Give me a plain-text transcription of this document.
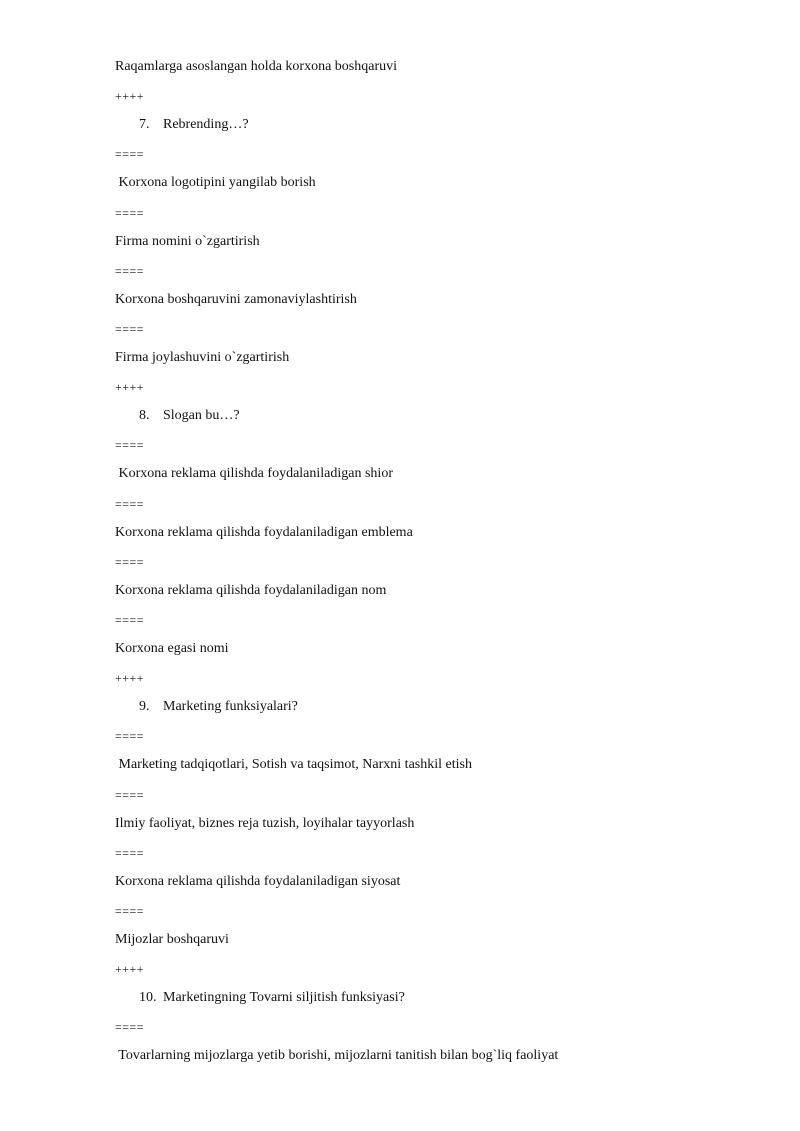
Raqamlarga asoslangan holda korxona boshqaruvi
++++
7. Rebrending…?
====
Korxona logotipini yangilab borish
====
Firma nomini o`zgartirish
====
Korxona boshqaruvini zamonaviylashtirish
====
Firma joylashuvini o`zgartirish
++++
8. Slogan bu…?
====
Korxona reklama qilishda foydalaniladigan shior
====
Korxona reklama qilishda foydalaniladigan emblema
====
Korxona reklama qilishda foydalaniladigan nom
====
Korxona egasi nomi
++++
9. Marketing funksiyalari?
====
Marketing tadqiqotlari, Sotish va taqsimot, Narxni tashkil etish
====
Ilmiy faoliyat, biznes reja tuzish, loyihalar tayyorlash
====
Korxona reklama qilishda foydalaniladigan siyosat
====
Mijozlar boshqaruvi
++++
10. Marketingning Tovarni siljitish funksiyasi?
====
Tovarlarning mijozlarga yetib borishi, mijozlarni tanitish bilan bog`liq faoliyat
